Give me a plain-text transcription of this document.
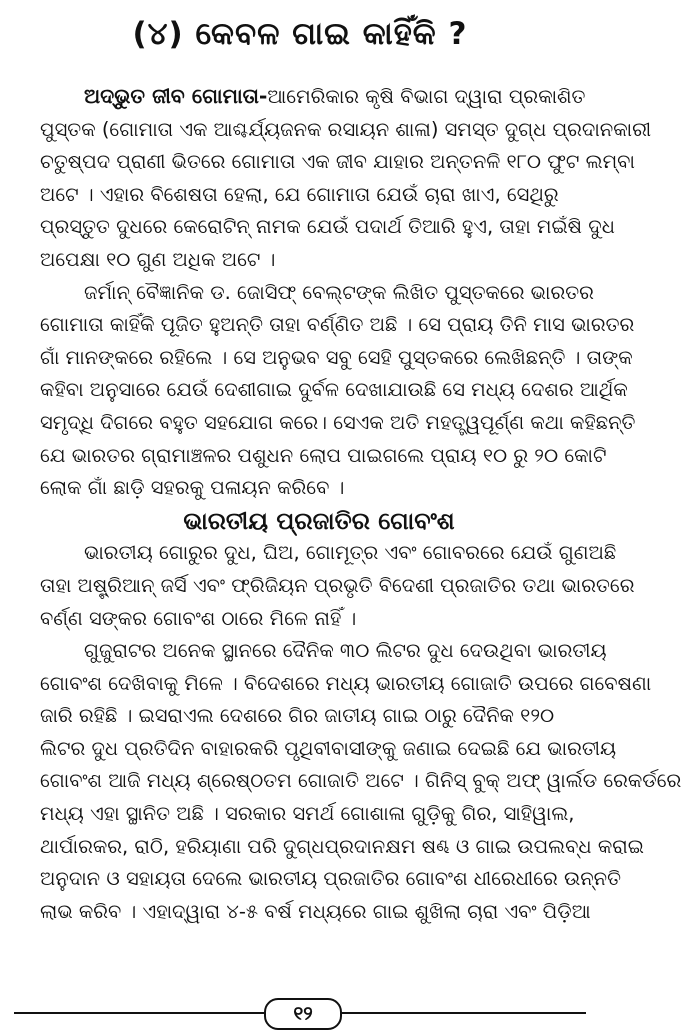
(୪) କେବଳ ଗାଇ କାହିଁକି ?
ଅଦ୍ଭୁତ ଜୀବ ଗୋମାତା-ଆମେରିକାର କୃଷି ବିଭାଗ ଦ୍ୱାରା ପ୍ରକାଶିତ
ପୁସ୍ତକ (ଗୋମାତା ଏକ ଆଶ୍ଚର୍ଯ୍ୟଜନକ ରସାୟନ ଶାଳା) ସମସ୍ତ ଦୁଗ୍ଧ ପ୍ରଦାନକାରୀ
ଚତୁଷ୍ପଦ ପ୍ରାଣୀ ଭିତରେ ଗୋମାତା ଏକ ଜୀବ ଯାହାର ଅନ୍ତନଳି ୧୮୦ ଫୁଟ ଲମ୍ବା
ଅଟେ । ଏହାର ବିଶେଷତା ହେଲା, ଯେ ଗୋମାତା ଯେଉଁ ଚାରା ଖାଏ, ସେଥିରୁ
ପ୍ରସ୍ତୁତ ଦୁଧରେ କେରୋଟିନ୍ ନାମକ ଯେଉଁ ପଦାର୍ଥ ତିଆରି ହୁଏ, ତାହା ମଇଁଷି ଦୁଧ
ଅପେକ୍ଷା ୧୦ ଗୁଣ ଅଧିକ ଅଟେ ।
ଜର୍ମାନ୍ ବୈଜ୍ଞାନିକ ଡ. ଜୋସିଫ୍ ବେଲ୍ଟଙ୍କ ଲିଖିତ ପୁସ୍ତକରେ ଭାରତର
ଗୋମାତା କାହିଁକି ପୂଜିତ ହୁଅନ୍ତି ତାହା ବର୍ଣ୍ଣିତ ଅଛି । ସେ ପ୍ରାୟ ତିନି ମାସ ଭାରତର
ଗାଁ ମାନଙ୍କରେ ରହିଲେ । ସେ ଅନୁଭବ ସବୁ ସେହି ପୁସ୍ତକରେ ଲେଖିଛନ୍ତି । ତାଙ୍କ
କହିବା ଅନୁସାରେ ଯେଉଁ ଦେଶୀଗାଇ ଦୁର୍ବଳ ଦେଖାଯାଉଛି ସେ ମଧ୍ୟ ଦେଶର ଆର୍ଥିକ
ସମୃଦ୍ଧି ଦିଗରେ ବହୁତ ସହଯୋଗ କରେ। ସେଏକ ଅତି ମହତ୍ତ୍ୱପୂର୍ଣ୍ଣ କଥା କହିଛନ୍ତି
ଯେ ଭାରତର ଗ୍ରାମାଞ୍ଚଳର ପଶୁଧନ ଲୋପ ପାଇଗଲେ ପ୍ରାୟ ୧୦ ରୁ ୨୦ କୋଟି
ଲୋକ ଗାଁ ଛାଡ଼ି ସହରକୁ ପଳାୟନ କରିବେ ।
ଭାରତୀୟ ପ୍ରଜାତିର ଗୋବଂଶ
ଭାରତୀୟ ଗୋରୁର ଦୁଧ, ଘିଅ, ଗୋମୂତ୍ର ଏବଂ ଗୋବରରେ ଯେଉଁ ଗୁଣଅଛି
ତାହା ଅଷ୍ଟ୍ରିଆନ୍ ଜର୍ସି ଏବଂ ଫ୍ରିଜିୟନ ପ୍ରଭୃତି ବିଦେଶୀ ପ୍ରଜାତିର ତଥା ଭାରତରେ
ବର୍ଣ୍ଣ ସଙ୍କର ଗୋବଂଶ ଠାରେ ମିଳେ ନାହିଁ ।
ଗୁଜୁରାଟର ଅନେକ ସ୍ଥାନରେ ଦୈନିକ ୩୦ ଲିଟର ଦୁଧ ଦେଉଥିବା ଭାରତୀୟ
ଗୋବଂଶ ଦେଖିବାକୁ ମିଳେ । ବିଦେଶରେ ମଧ୍ୟ ଭାରତୀୟ ଗୋଜାତି ଉପରେ ଗବେଷଣା
ଜାରି ରହିଛି । ଇସରାଏଲ ଦେଶରେ ଗିର ଜାତୀୟ ଗାଇ ଠାରୁ ଦୈନିକ ୧୨୦
ଲିଟର ଦୁଧ ପ୍ରତିଦିନ ବାହାରକରି ପୃଥିବୀବାସୀଙ୍କୁ ଜଣାଇ ଦେଇଛି ଯେ ଭାରତୀୟ
ଗୋବଂଶ ଆଜି ମଧ୍ୟ ଶ୍ରେଷ୍ଠତମ ଗୋଜାତି ଅଟେ । ଗିନିସ୍ ବୁକ୍ ଅଫ୍ ୱାର୍ଲଡ ରେକର୍ଡରେ
ମଧ୍ୟ ଏହା ସ୍ଥାନିତ ଅଛି । ସରକାର ସମର୍ଥ ଗୋଶାଳା ଗୁଡ଼ିକୁ ଗିର, ସାହିୱାଲ,
ଥାର୍ପାରକର, ରାଠି, ହରିୟାଣା ପରି ଦୁଗ୍ଧପ୍ରଦାନକ୍ଷମ ଷଣ୍ଢ ଓ ଗାଇ ଉପଲବ୍ଧ କରାଇ
ଅନୁଦାନ ଓ ସହାୟତା ଦେଲେ ଭାରତୀୟ ପ୍ରଜାତିର ଗୋବଂଶ ଧୀରେଧୀରେ ଉନ୍ନତି
ଲାଭ କରିବ । ଏହାଦ୍ୱାରା ୪-୫ ବର୍ଷ ମଧ୍ୟରେ ଗାଇ ଶୁଖିଲା ଚାରା ଏବଂ ପିଡ଼ିଆ
୧୨
